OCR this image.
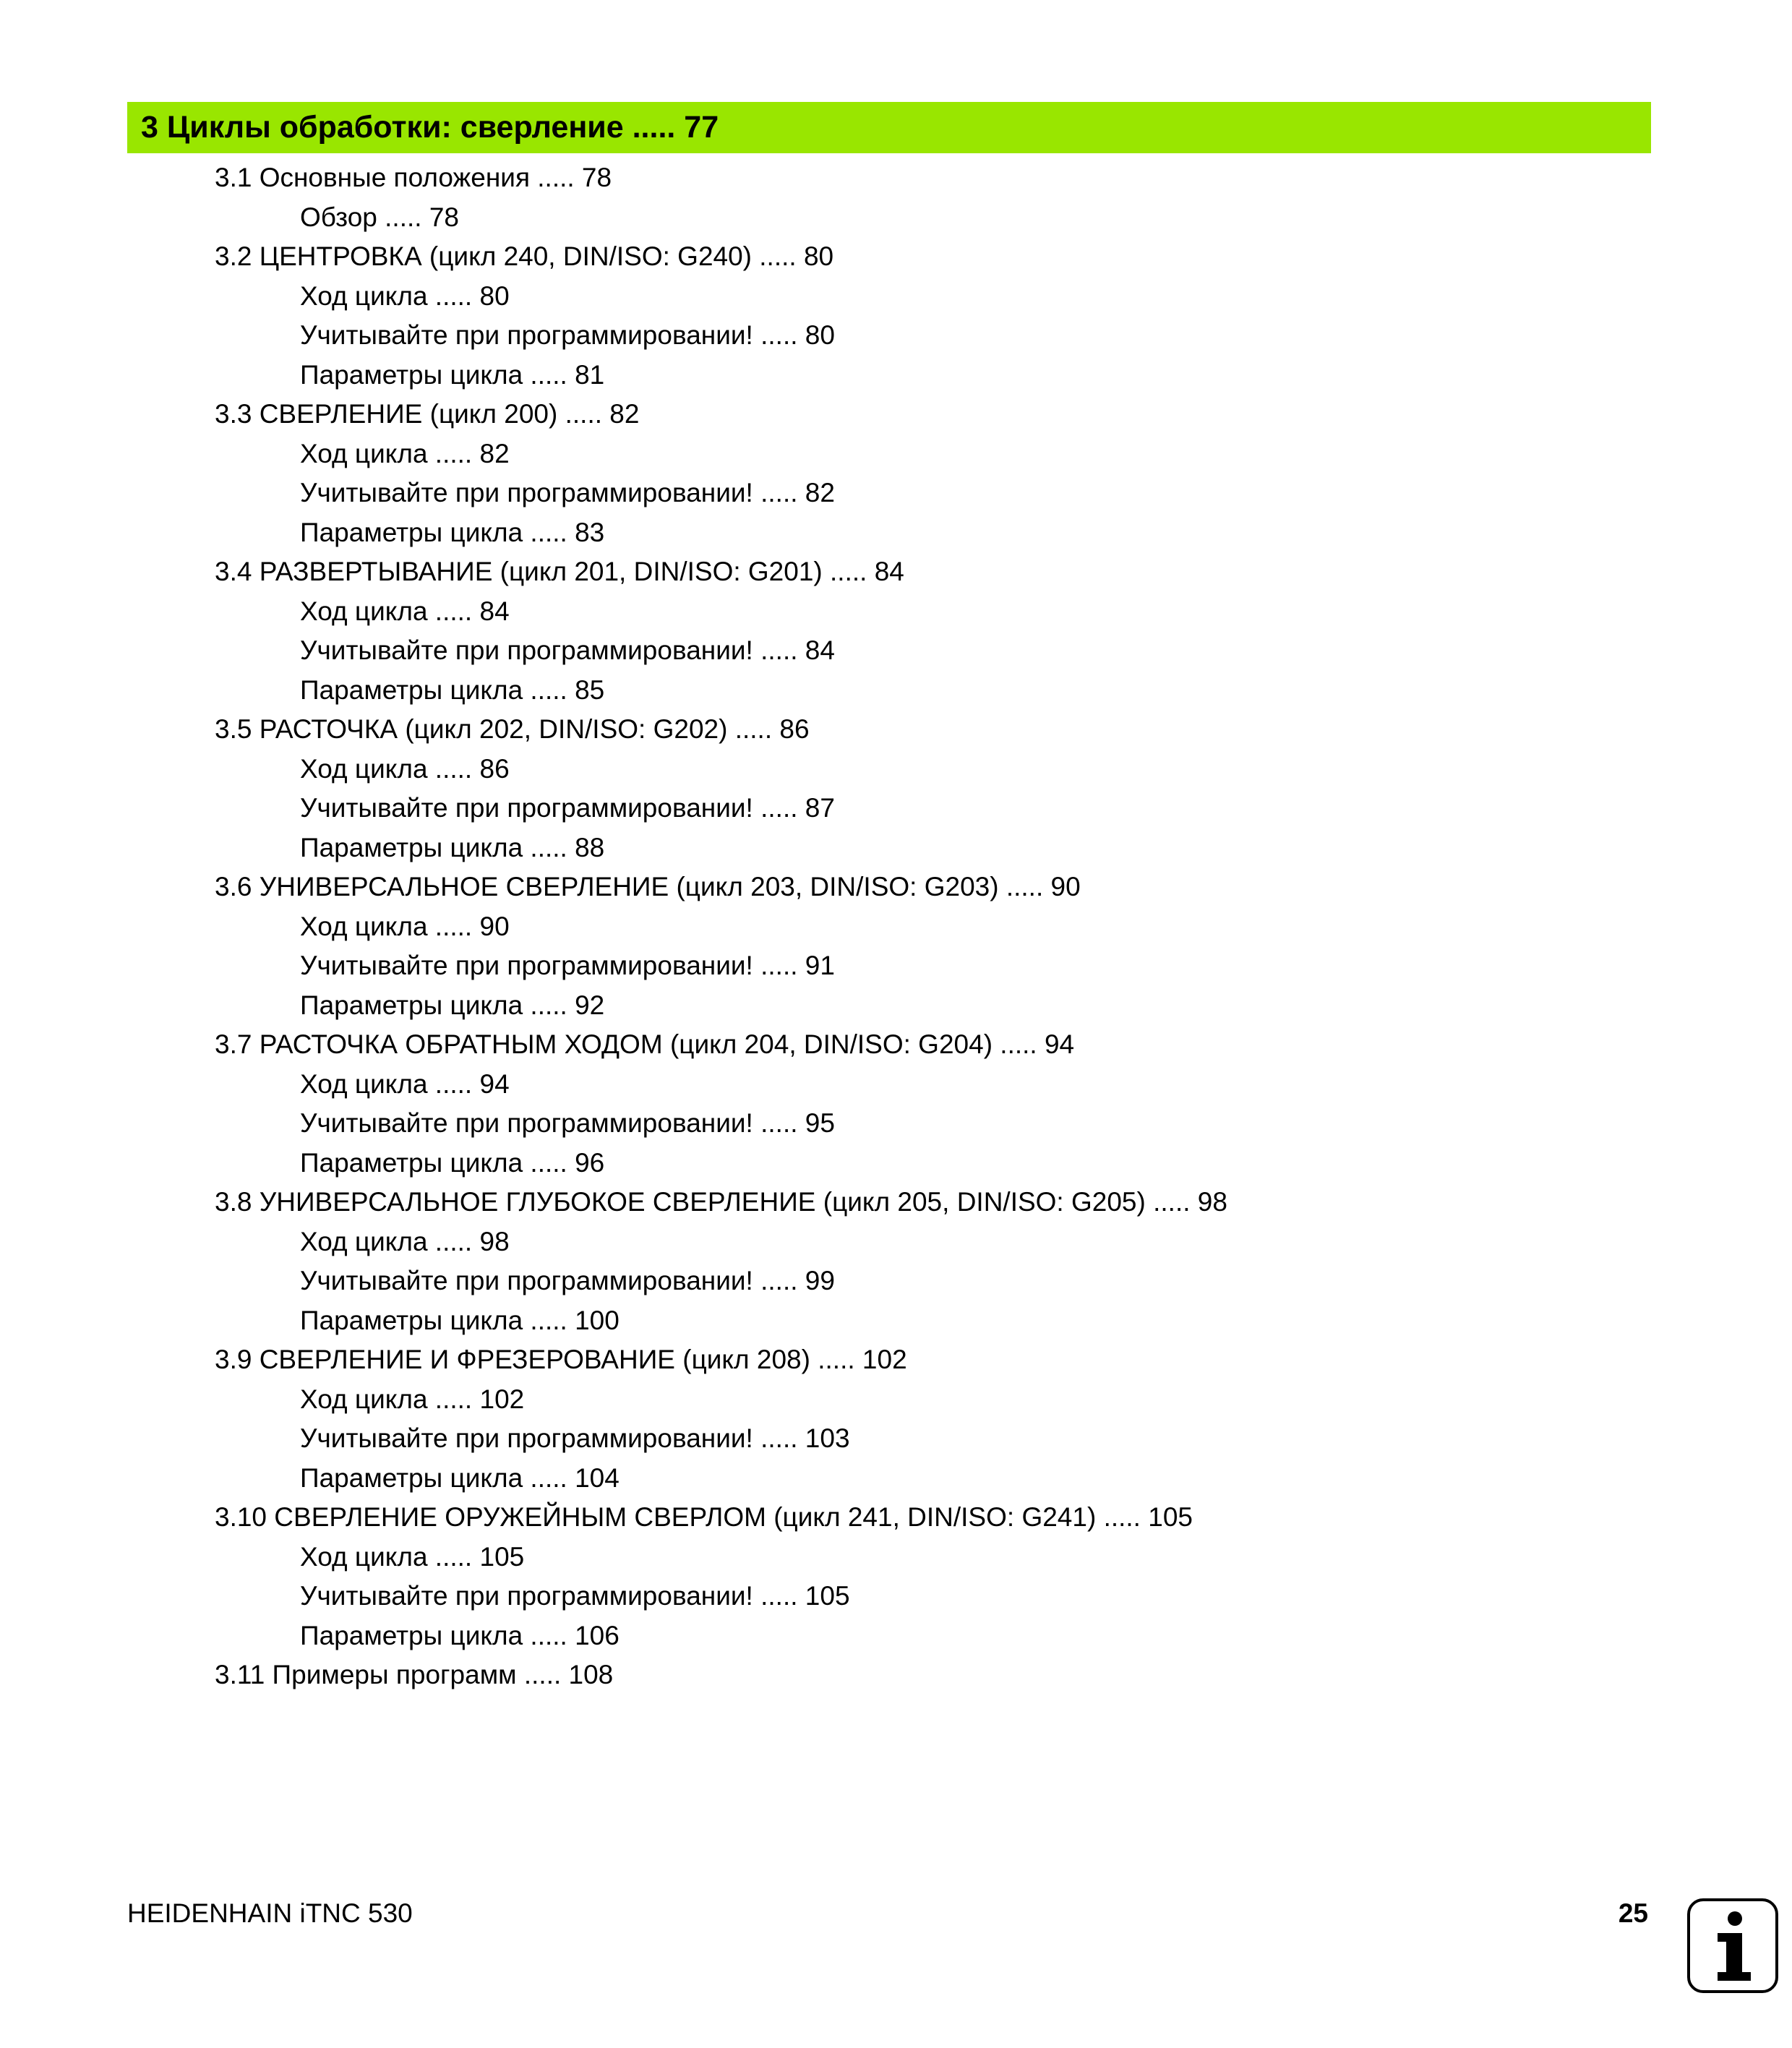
3 Циклы обработки: сверление ..... 77
3.1 Основные положения ..... 78
Обзор ..... 78
3.2 ЦЕНТРОВКА (цикл 240, DIN/ISO: G240) ..... 80
Ход цикла ..... 80
Учитывайте при программировании! ..... 80
Параметры цикла ..... 81
3.3 СВЕРЛЕНИЕ (цикл 200) ..... 82
Ход цикла ..... 82
Учитывайте при программировании! ..... 82
Параметры цикла ..... 83
3.4 РАЗВЕРТЫВАНИЕ (цикл 201, DIN/ISO: G201) ..... 84
Ход цикла ..... 84
Учитывайте при программировании! ..... 84
Параметры цикла ..... 85
3.5 РАСТОЧКА (цикл 202, DIN/ISO: G202) ..... 86
Ход цикла ..... 86
Учитывайте при программировании! ..... 87
Параметры цикла ..... 88
3.6 УНИВЕРСАЛЬНОЕ СВЕРЛЕНИЕ (цикл 203, DIN/ISO: G203) ..... 90
Ход цикла ..... 90
Учитывайте при программировании! ..... 91
Параметры цикла ..... 92
3.7 РАСТОЧКА ОБРАТНЫМ ХОДОМ (цикл 204, DIN/ISO: G204) ..... 94
Ход цикла ..... 94
Учитывайте при программировании! ..... 95
Параметры цикла ..... 96
3.8 УНИВЕРСАЛЬНОЕ ГЛУБОКОЕ СВЕРЛЕНИЕ (цикл 205, DIN/ISO: G205) ..... 98
Ход цикла ..... 98
Учитывайте при программировании! ..... 99
Параметры цикла ..... 100
3.9 СВЕРЛЕНИЕ И ФРЕЗЕРОВАНИЕ (цикл 208) ..... 102
Ход цикла ..... 102
Учитывайте при программировании! ..... 103
Параметры цикла ..... 104
3.10 СВЕРЛЕНИЕ ОРУЖЕЙНЫМ СВЕРЛОМ (цикл 241, DIN/ISO: G241) ..... 105
Ход цикла ..... 105
Учитывайте при программировании! ..... 105
Параметры цикла ..... 106
3.11 Примеры программ ..... 108
HEIDENHAIN iTNC 530	25
